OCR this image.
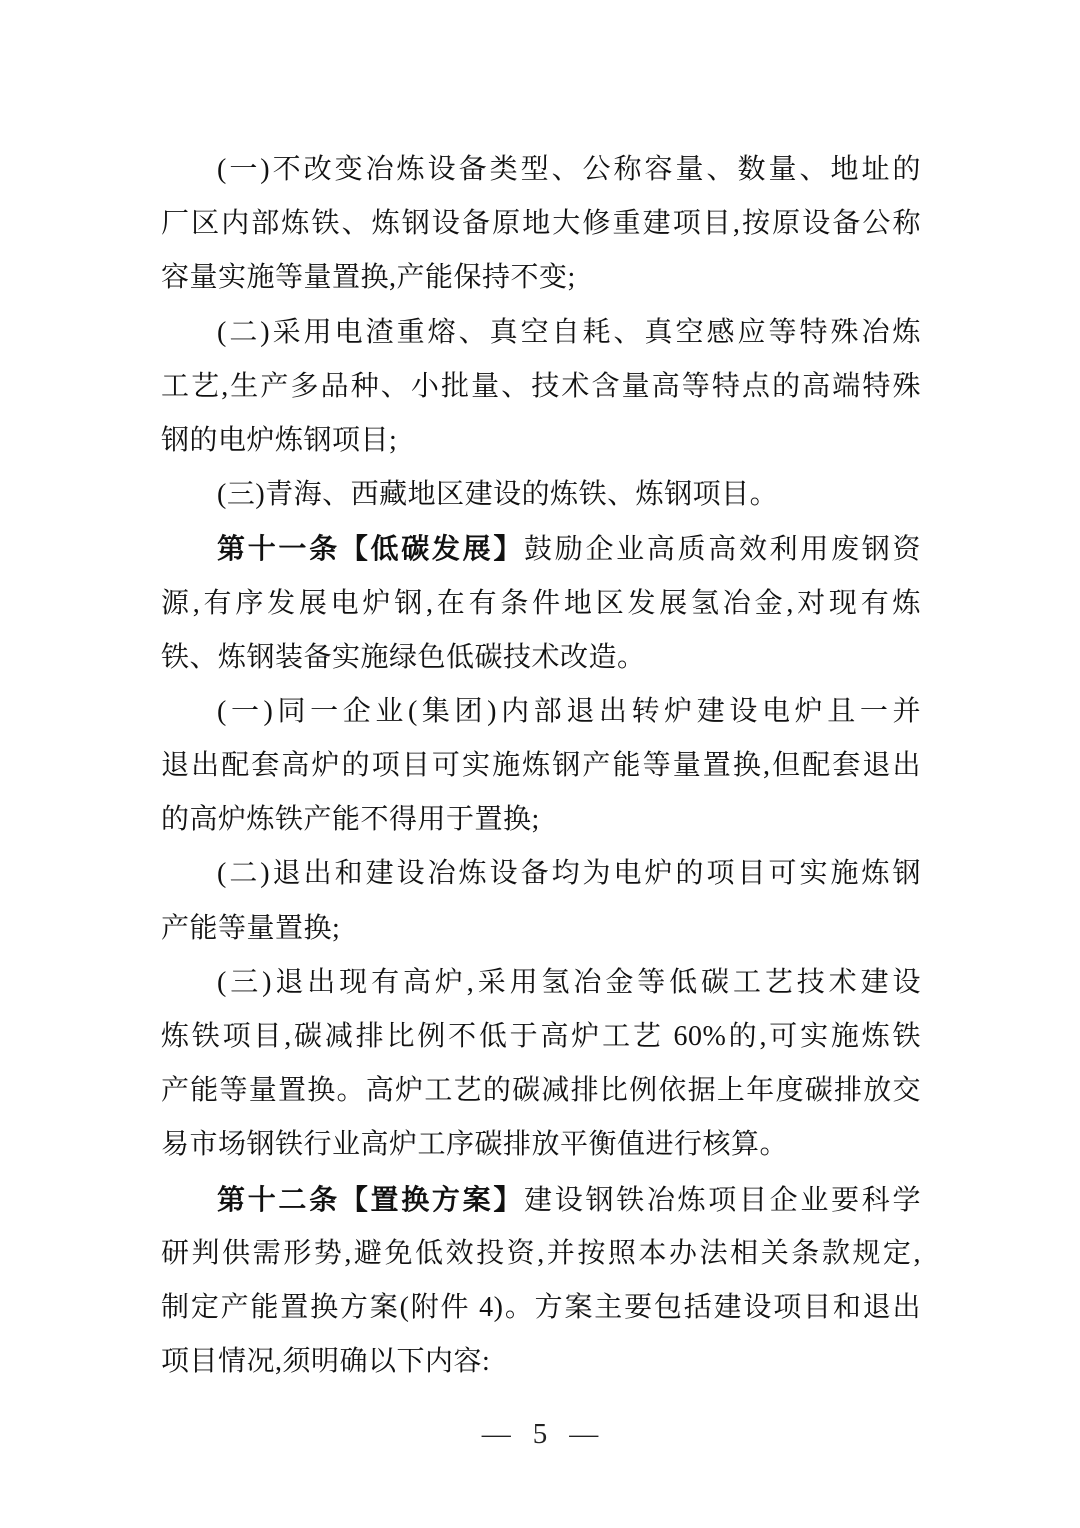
(一)不改变冶炼设备类型、公称容量、数量、地址的
厂区内部炼铁、炼钢设备原地大修重建项目,按原设备公称
容量实施等量置换,产能保持不变;
(二)采用电渣重熔、真空自耗、真空感应等特殊冶炼
工艺,生产多品种、小批量、技术含量高等特点的高端特殊
钢的电炉炼钢项目;
(三)青海、西藏地区建设的炼铁、炼钢项目。
第十一条【低碳发展】鼓励企业高质高效利用废钢资
源,有序发展电炉钢,在有条件地区发展氢冶金,对现有炼
铁、炼钢装备实施绿色低碳技术改造。
(一)同一企业(集团)内部退出转炉建设电炉且一并
退出配套高炉的项目可实施炼钢产能等量置换,但配套退出
的高炉炼铁产能不得用于置换;
(二)退出和建设冶炼设备均为电炉的项目可实施炼钢
产能等量置换;
(三)退出现有高炉,采用氢冶金等低碳工艺技术建设
炼铁项目,碳减排比例不低于高炉工艺 60%的,可实施炼铁
产能等量置换。高炉工艺的碳减排比例依据上年度碳排放交
易市场钢铁行业高炉工序碳排放平衡值进行核算。
第十二条【置换方案】建设钢铁冶炼项目企业要科学
研判供需形势,避免低效投资,并按照本办法相关条款规定,
制定产能置换方案(附件 4)。方案主要包括建设项目和退出
项目情况,须明确以下内容:
— 5 —
